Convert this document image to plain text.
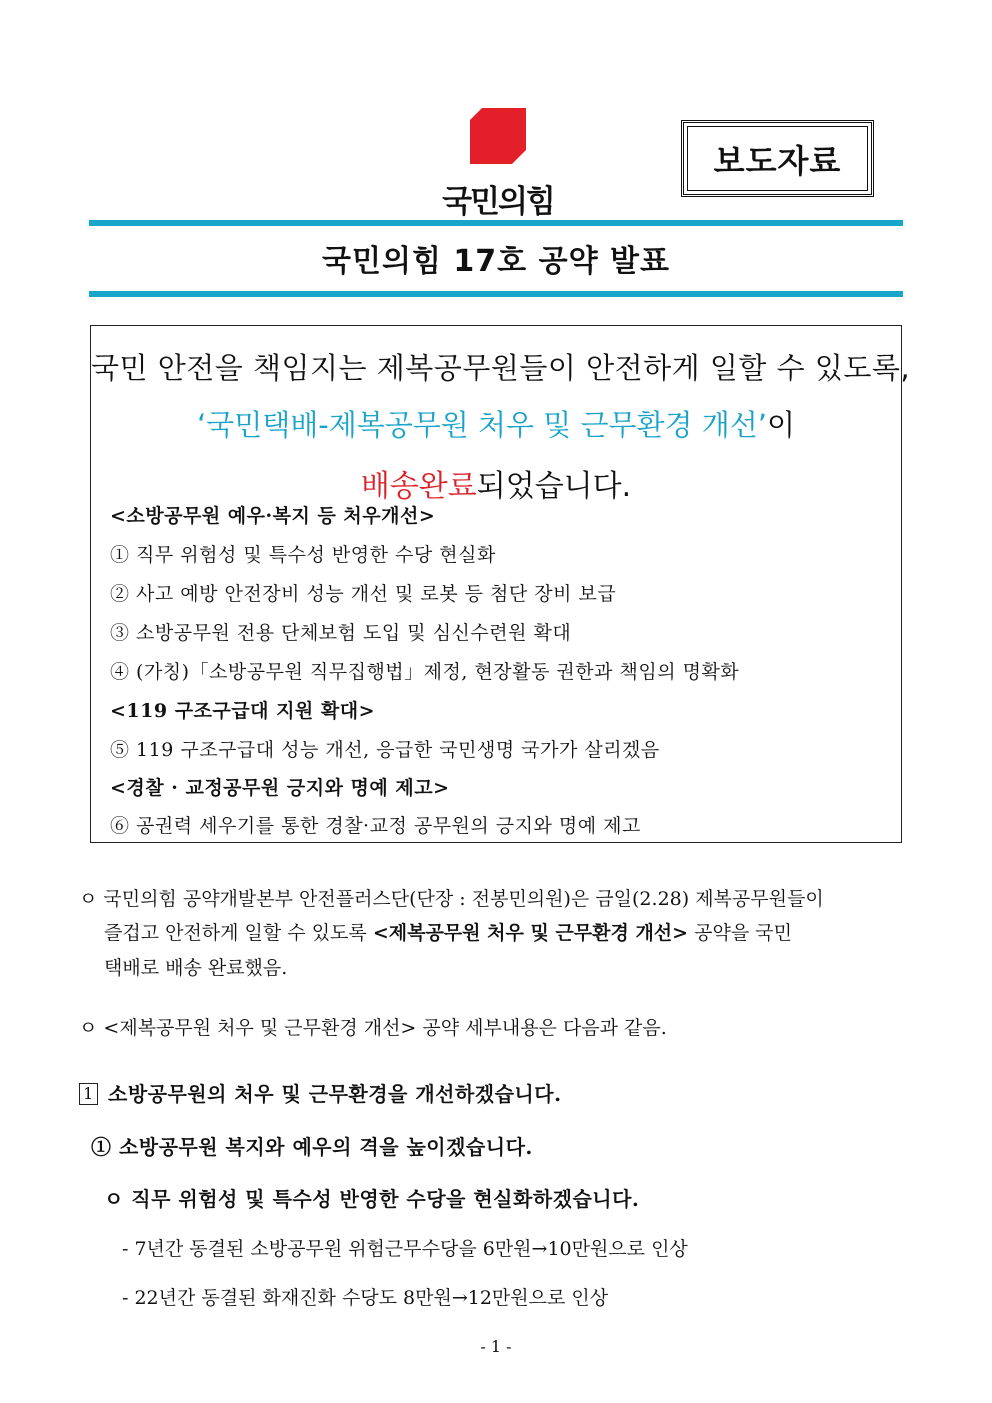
국민의힘
보도자료
국민의힘 17호 공약 발표
국민 안전을 책임지는 제복공무원들이 안전하게 일할 수 있도록,
‘국민택배-제복공무원 처우 및 근무환경 개선’이
배송완료되었습니다.
<소방공무원 예우·복지 등 처우개선>
① 직무 위험성 및 특수성 반영한 수당 현실화
② 사고 예방 안전장비 성능 개선 및 로봇 등 첨단 장비 보급
③ 소방공무원 전용 단체보험 도입 및 심신수련원 확대
④ (가칭)「소방공무원 직무집행법」제정, 현장활동 권한과 책임의 명확화
<119 구조구급대 지원 확대>
⑤ 119 구조구급대 성능 개선, 응급한 국민생명 국가가 살리겠음
<경찰 · 교정공무원 긍지와 명예 제고>
⑥ 공권력 세우기를 통한 경찰·교정 공무원의 긍지와 명예 제고
ㅇ 국민의힘 공약개발본부 안전플러스단(단장 : 전봉민의원)은 금일(2.28) 제복공무원들이
즐겁고 안전하게 일할 수 있도록 <제복공무원 처우 및 근무환경 개선> 공약을 국민
택배로 배송 완료했음.
ㅇ <제복공무원 처우 및 근무환경 개선> 공약 세부내용은 다음과 같음.
1 소방공무원의 처우 및 근무환경을 개선하겠습니다.
① 소방공무원 복지와 예우의 격을 높이겠습니다.
ㅇ 직무 위험성 및 특수성 반영한 수당을 현실화하겠습니다.
- 7년간 동결된 소방공무원 위험근무수당을 6만원→10만원으로 인상
- 22년간 동결된 화재진화 수당도 8만원→12만원으로 인상
- 1 -
